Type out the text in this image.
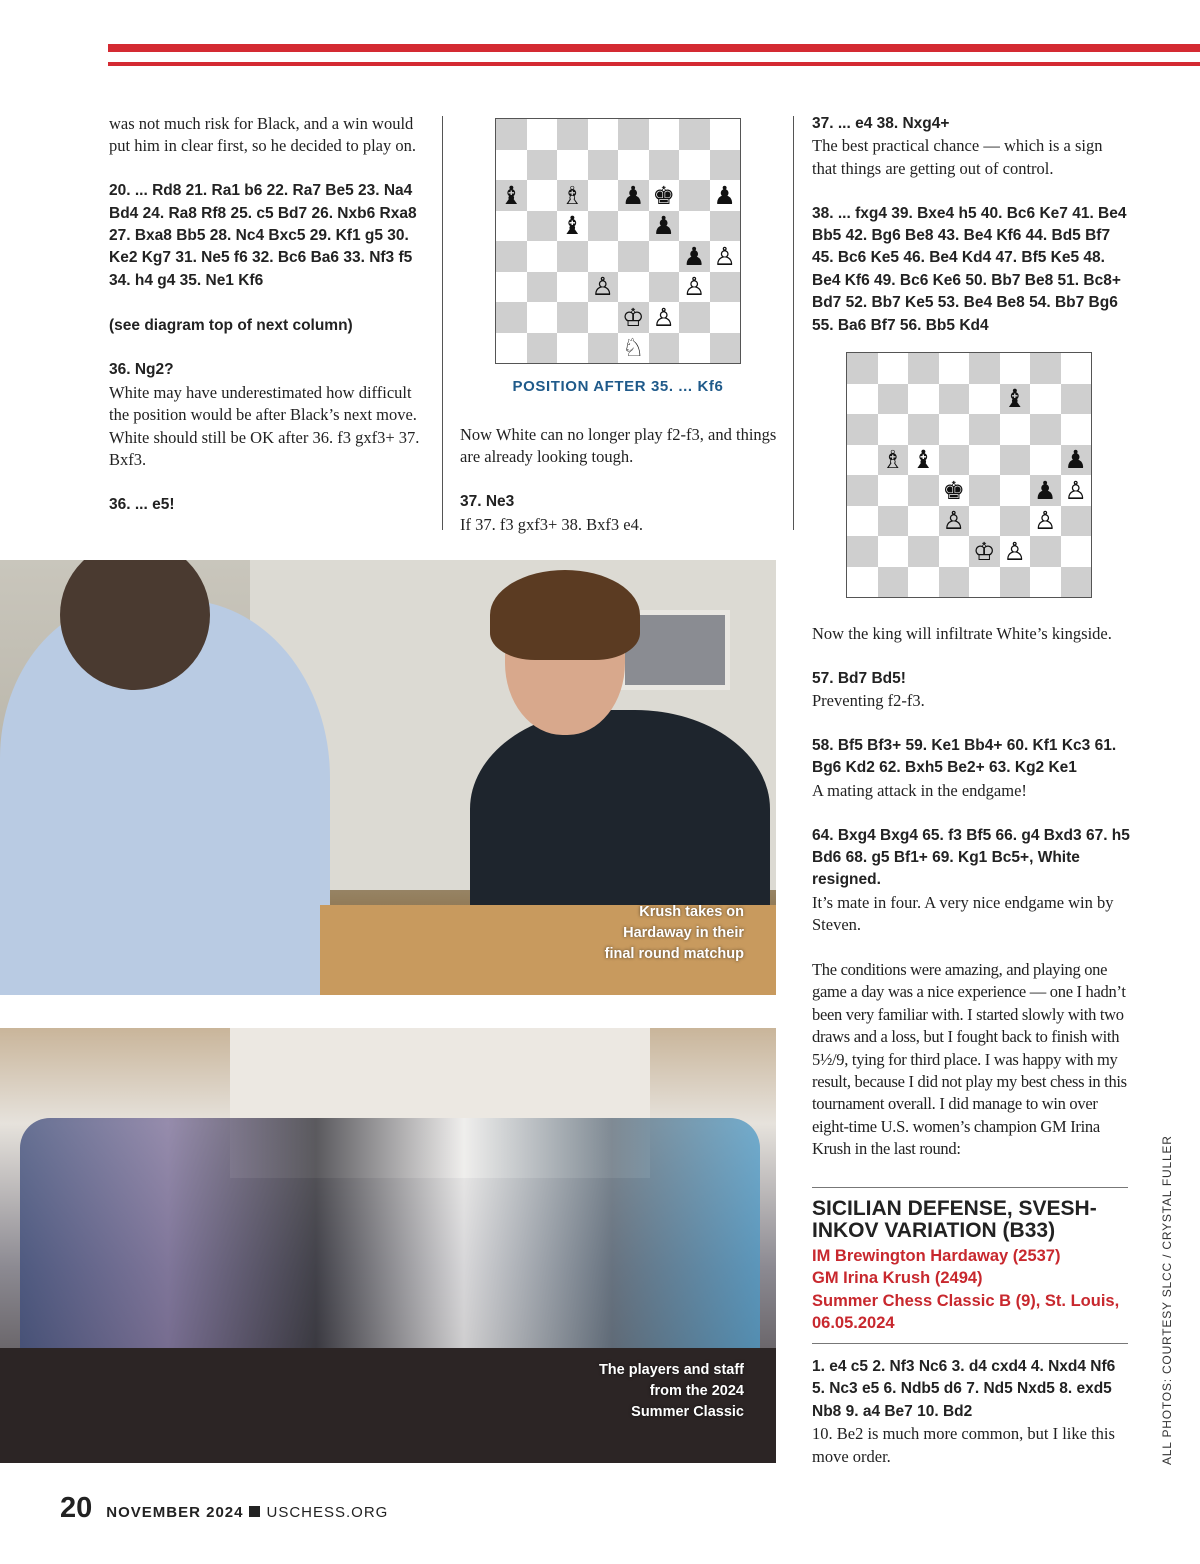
was not much risk for Black, and a win would put him in clear first, so he decided to play on.

20. ... Rd8 21. Ra1 b6 22. Ra7 Be5 23. Na4 Bd4 24. Ra8 Rf8 25. c5 Bd7 26. Nxb6 Rxa8 27. Bxa8 Bb5 28. Nc4 Bxc5 29. Kf1 g5 30. Ke2 Kg7 31. Ne5 f6 32. Bc6 Ba6 33. Nf3 f5 34. h4 g4 35. Ne1 Kf6

(see diagram top of next column)

36. Ng2?

White may have underestimated how difficult the position would be after Black’s next move. White should still be OK after 36. f3 gxf3+ 37. Bxf3.

36. ... e5!

♝ ♗ ♟ ♚ ♟
♝	♟
♟ ♙
♙	♙
♔ ♙
♘
POSITION AFTER 35. ... Kf6

Now White can no longer play f2-f3, and things are already looking tough.

37. Ne3

If 37. f3 gxf3+ 38. Bxf3 e4.

37. ... e4 38. Nxg4+

The best practical chance — which is a sign that things are getting out of control.

38. ... fxg4 39. Bxe4 h5 40. Bc6 Ke7 41. Be4 Bb5 42. Bg6 Be8 43. Be4 Kf6 44. Bd5 Bf7 45. Bc6 Ke5 46. Be4 Kd4 47. Bf5 Ke5 48. Be4 Kf6 49. Bc6 Ke6 50. Bb7 Be8 51. Bc8+ Bd7 52. Bb7 Ke5 53. Be4 Be8 54. Bb7 Bg6 55. Ba6 Bf7 56. Bb5 Kd4

♝
♗ ♝	♟
♚	♟ ♙
♙	♙
♔ ♙

Now the king will infiltrate White’s kingside.

57. Bd7 Bd5!

Preventing f2-f3.

58. Bf5 Bf3+ 59. Ke1 Bb4+ 60. Kf1 Kc3 61. Bg6 Kd2 62. Bxh5 Be2+ 63. Kg2 Ke1

A mating attack in the endgame!

64. Bxg4 Bxg4 65. f3 Bf5 66. g4 Bxd3 67. h5 Bd6 68. g5 Bf1+ 69. Kg1 Bc5+, White resigned.

It’s mate in four. A very nice endgame win by Steven.

The conditions were amazing, and playing one game a day was a nice experience — one I hadn’t been very familiar with. I started slowly with two draws and a loss, but I fought back to finish with 5½/9, tying for third place. I was happy with my result, because I did not play my best chess in this tournament overall. I did manage to win over eight-time U.S. women’s champion GM Irina Krush in the last round:

Krush takes on
Hardaway in their
final round matchup
The players and staff
from the 2024
Summer Classic
SICILIAN DEFENSE, SVESH- INKOV VARIATION (B33)
IM Brewington Hardaway (2537)
GM Irina Krush (2494)
Summer Chess Classic B (9), St. Louis, 06.05.2024
1. e4 c5 2. Nf3 Nc6 3. d4 cxd4 4. Nxd4 Nf6 5. Nc3 e5 6. Ndb5 d6 7. Nd5 Nxd5 8. exd5 Nb8 9. a4 Be7 10. Bd2

10. Be2 is much more common, but I like this move order.	ALL PHOTOS: COURTESY SLCC / CRYSTAL FULLER
20 NOVEMBER 2024 USCHESS.ORG
